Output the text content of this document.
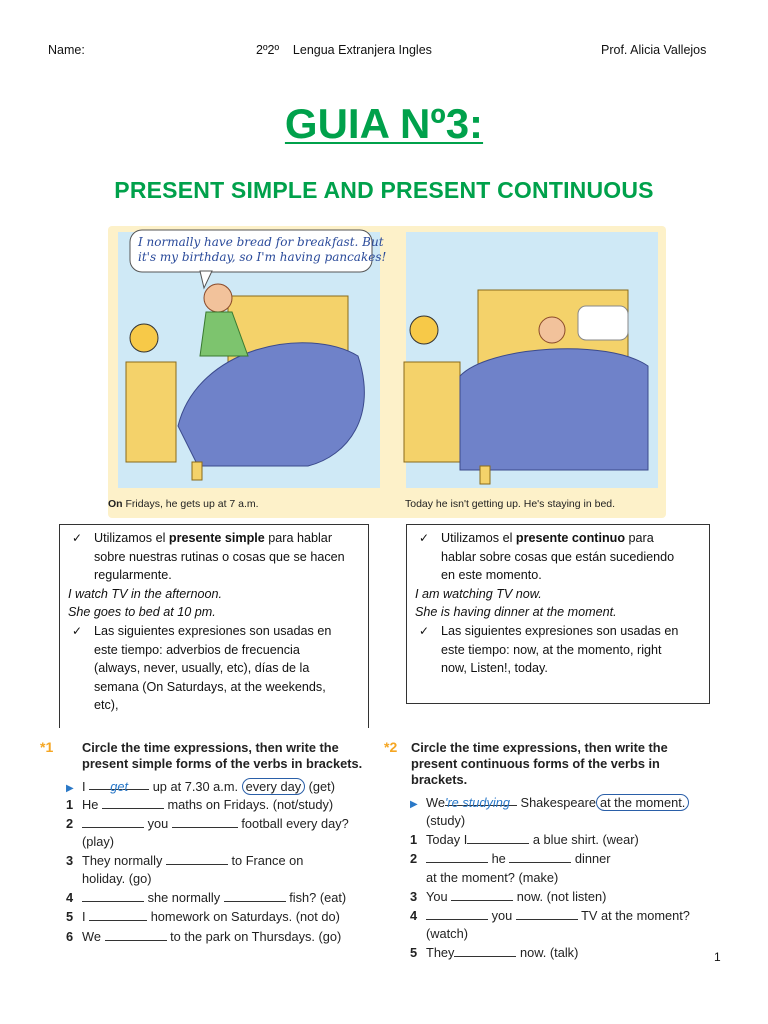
Name:	2º2º    Lengua Extranjera Ingles	Prof. Alicia Vallejos
GUIA Nº3:
PRESENT SIMPLE AND PRESENT CONTINUOUS
I normally have bread for breakfast. But
it's my birthday, so I'm having pancakes!
On Fridays, he gets up at 7 a.m.	Today he isn't getting up. He's staying in bed.

✓ Utilizamos el presente simple para hablar

sobre nuestras rutinas o cosas que se hacen

regularmente.

I watch TV in the afternoon.

She goes to bed at 10 pm.

✓ Las siguientes expresiones son usadas en

este tiempo: adverbios de frecuencia

(always, never, usually, etc), días de la

semana (On Saturdays, at the weekends,

etc),

✓ Utilizamos el presente continuo para

hablar sobre cosas que están sucediendo

en este momento.

I am watching TV now.

She is having dinner at the moment.

✓ Las siguientes expresiones son usadas en

este tiempo: now, at the momento, right

now, Listen!, today.

*1 Circle the time expressions, then write the
present simple forms of the verbs in brackets.
▶ I get up at 7.30 a.m. every day (get)
1 He	maths on Fridays. (not/study)
2	you	football every day?
(play)
3 They normally	to France on
holiday. (go)
4	she normally	fish? (eat)
5 I	homework on Saturdays. (not do)
6 We	to the park on Thursdays. (go)
*2 Circle the time expressions, then write the
present continuous forms of the verbs in
brackets.
▶ We're studying Shakespeare at the moment.
(study)
1 Today I	a blue shirt. (wear)
2	he	dinner
at the moment? (make)
3 You	now. (not listen)
4	you	TV at the moment?
(watch)
5 They	now. (talk)	1
